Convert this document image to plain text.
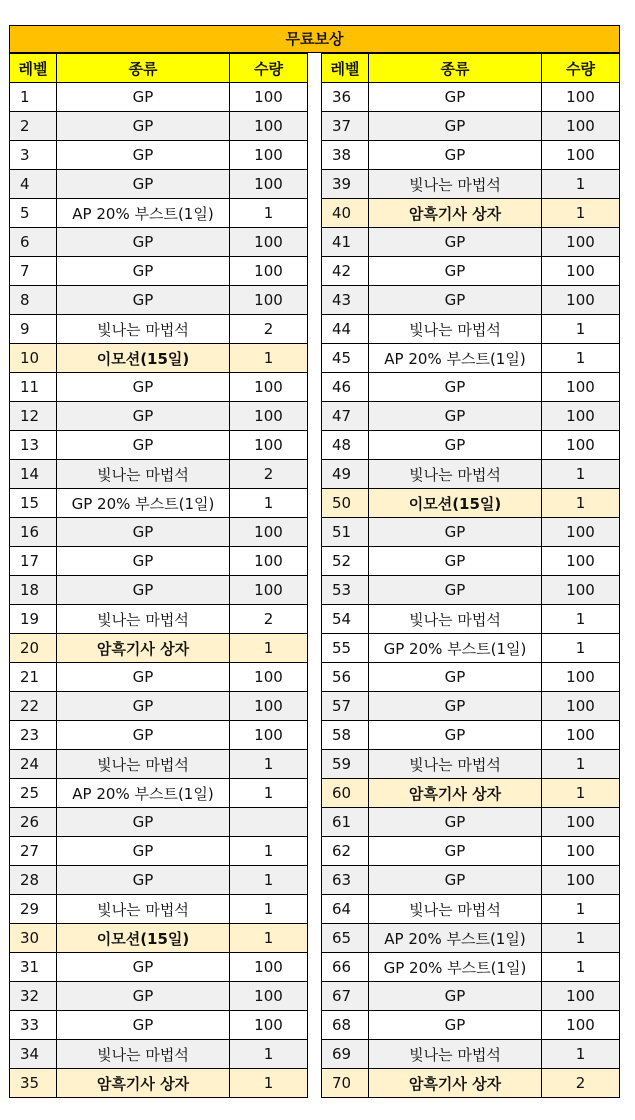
무료보상
레벨	종류	수량
1	GP	100
2	GP	100
3	GP	100
4	GP	100
5	AP 20% 부스트(1일)	1
6	GP	100
7	GP	100
8	GP	100
9	빛나는 마법석	2
10	이모션(15일)	1
11	GP	100
12	GP	100
13	GP	100
14	빛나는 마법석	2
15	GP 20% 부스트(1일)	1
16	GP	100
17	GP	100
18	GP	100
19	빛나는 마법석	2
20	암흑기사 상자	1
21	GP	100
22	GP	100
23	GP	100
24	빛나는 마법석	1
25	AP 20% 부스트(1일)	1
26	GP	
27	GP	1
28	GP	1
29	빛나는 마법석	1
30	이모션(15일)	1
31	GP	100
32	GP	100
33	GP	100
34	빛나는 마법석	1
35	암흑기사 상자	1
레벨	종류	수량
36	GP	100
37	GP	100
38	GP	100
39	빛나는 마법석	1
40	암흑기사 상자	1
41	GP	100
42	GP	100
43	GP	100
44	빛나는 마법석	1
45	AP 20% 부스트(1일)	1
46	GP	100
47	GP	100
48	GP	100
49	빛나는 마법석	1
50	이모션(15일)	1
51	GP	100
52	GP	100
53	GP	100
54	빛나는 마법석	1
55	GP 20% 부스트(1일)	1
56	GP	100
57	GP	100
58	GP	100
59	빛나는 마법석	1
60	암흑기사 상자	1
61	GP	100
62	GP	100
63	GP	100
64	빛나는 마법석	1
65	AP 20% 부스트(1일)	1
66	GP 20% 부스트(1일)	1
67	GP	100
68	GP	100
69	빛나는 마법석	1
70	암흑기사 상자	2
